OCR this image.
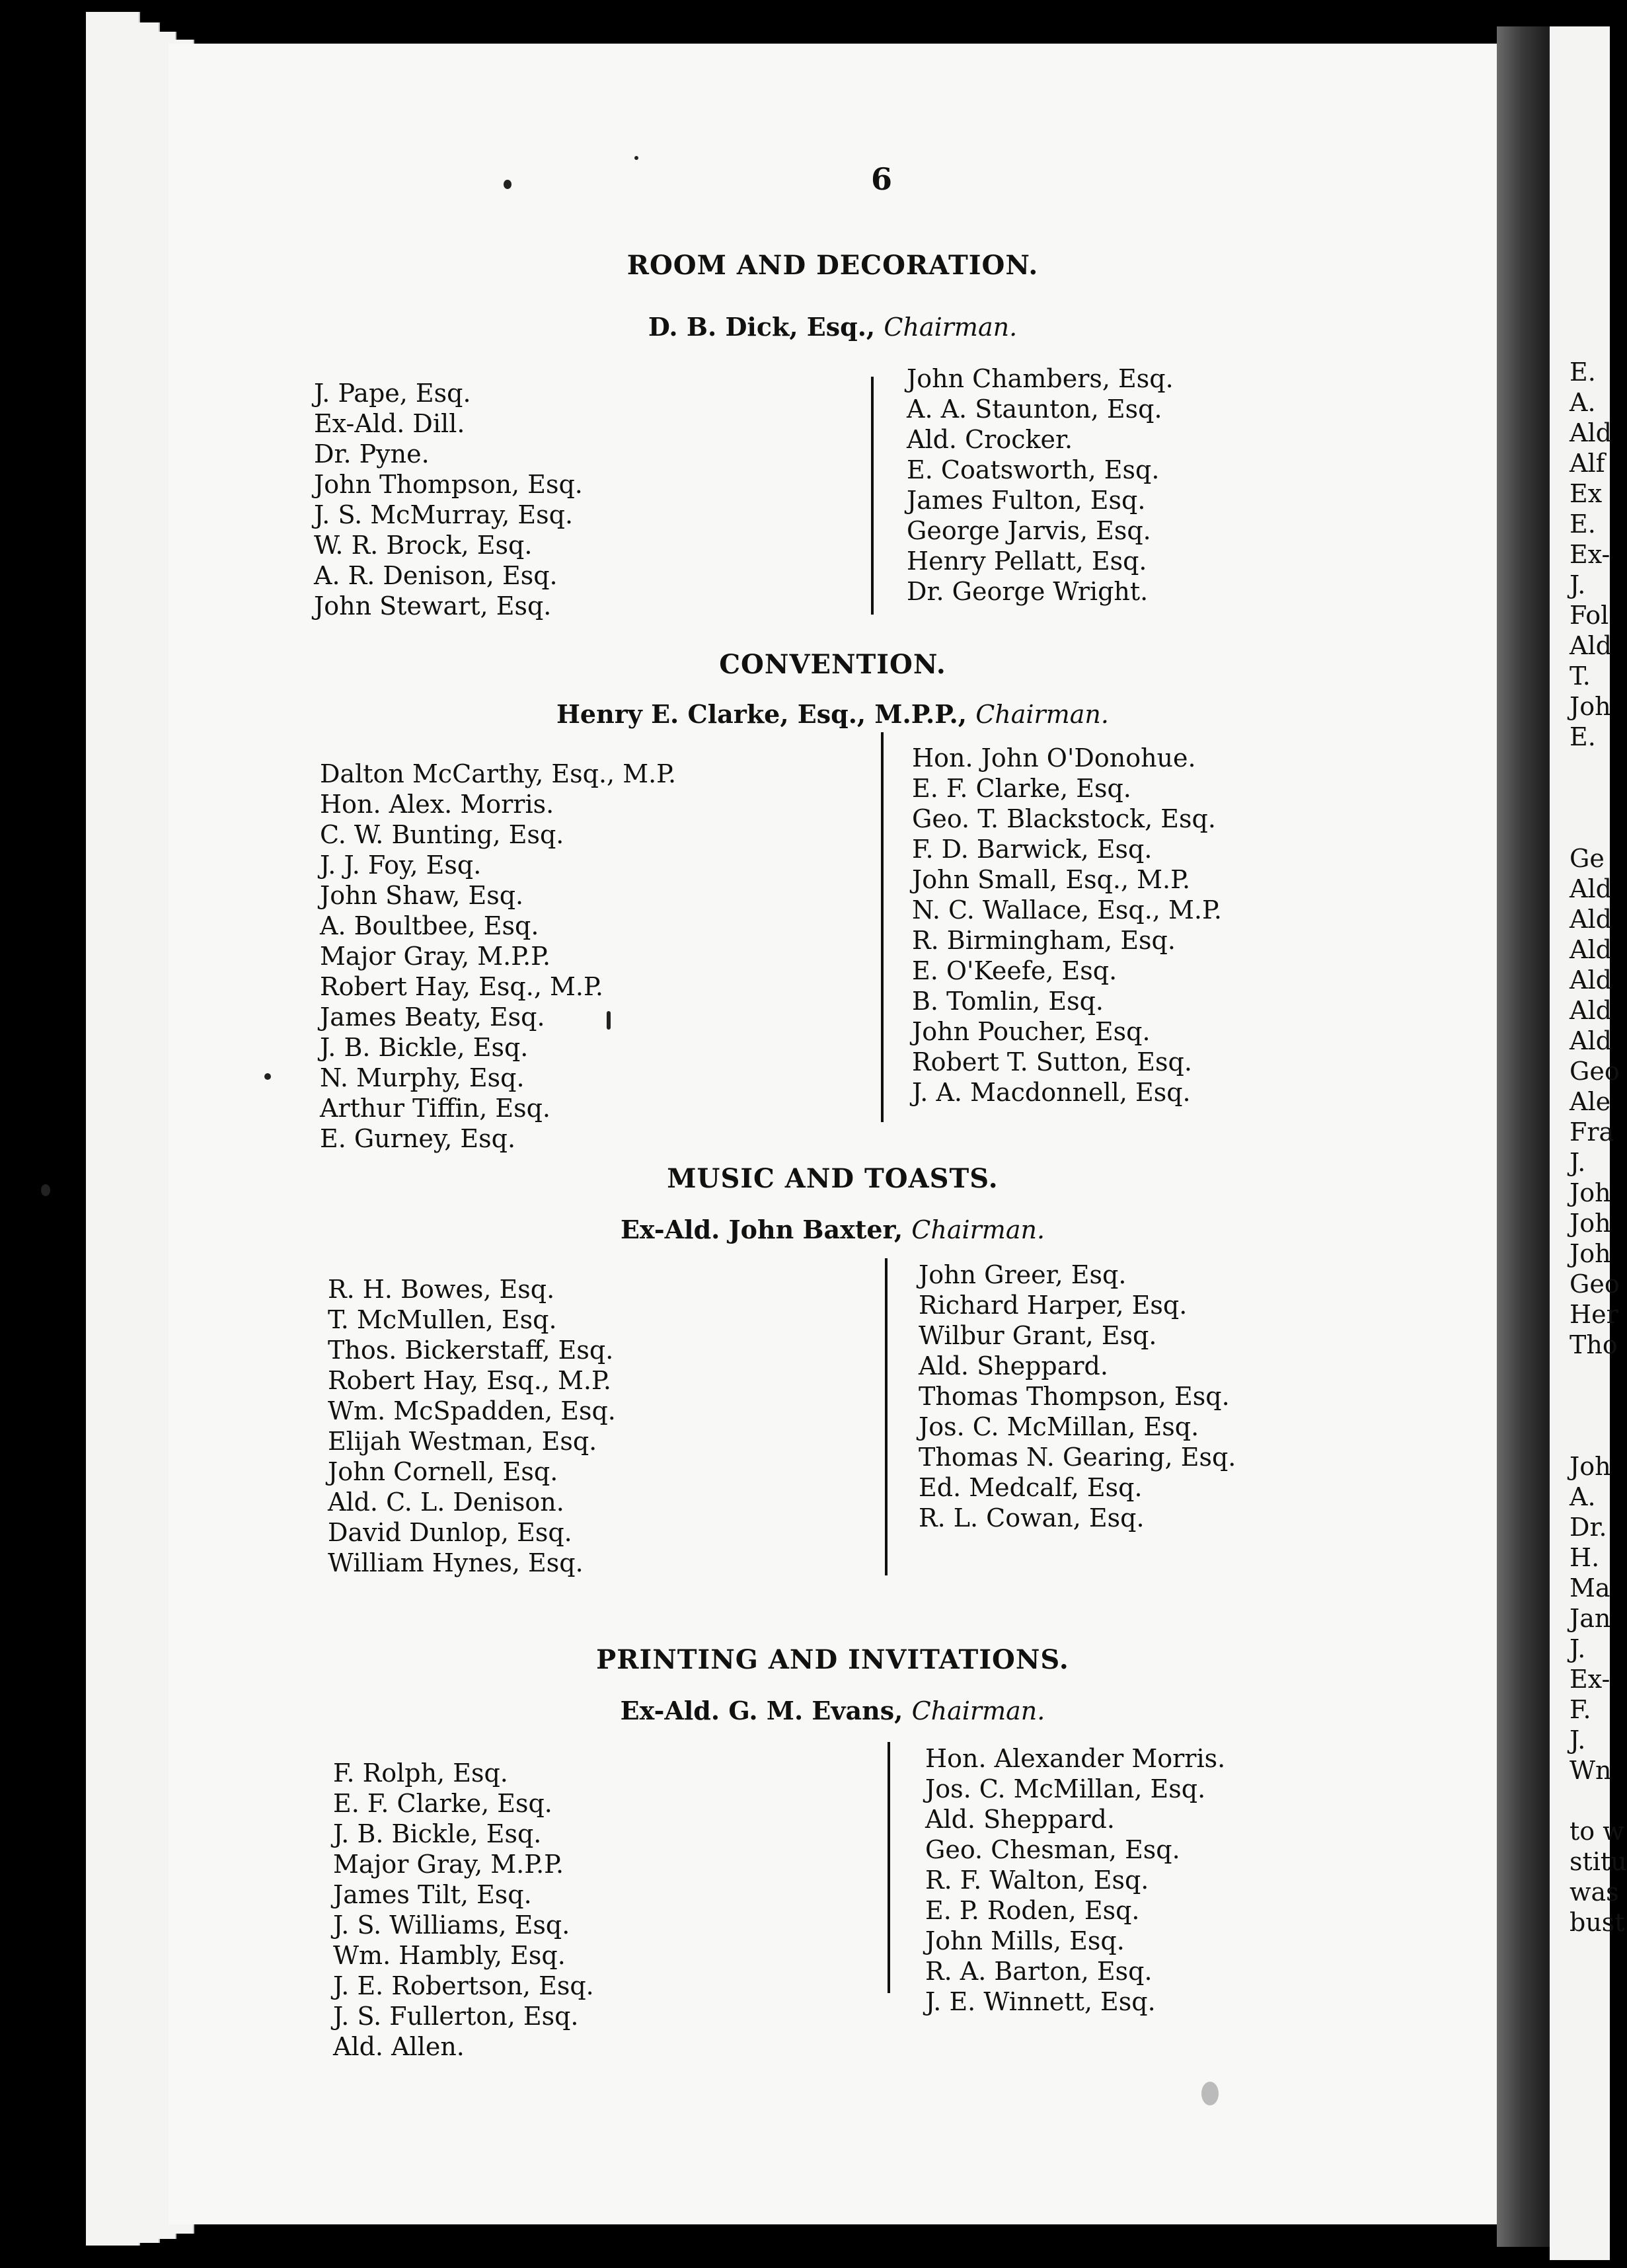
E.
A.
Ald
Alf
Ex
E.
Ex-
J.
Fol
Ald
T.
Joh
E.
Ge
Ald
Ald
Ald
Ald
Ald
Ald
Geo
Ale
Fra
J.
Joh
Joh
Joh
Geo
Her
Tho
Joh
A.
Dr.
H.
Ma
Jan
J.
Ex-
F.
J.
Wn
to w
stitu
was
bust
6
ROOM AND DECORATION.
D. B. Dick, Esq., Chairman.
J. Pape, Esq.
Ex-Ald. Dill.
Dr. Pyne.
John Thompson, Esq.
J. S. McMurray, Esq.
W. R. Brock, Esq.
A. R. Denison, Esq.
John Stewart, Esq.
John Chambers, Esq.
A. A. Staunton, Esq.
Ald. Crocker.
E. Coatsworth, Esq.
James Fulton, Esq.
George Jarvis, Esq.
Henry Pellatt, Esq.
Dr. George Wright.
CONVENTION.
Henry E. Clarke, Esq., M.P.P., Chairman.
Dalton McCarthy, Esq., M.P.
Hon. Alex. Morris.
C. W. Bunting, Esq.
J. J. Foy, Esq.
John Shaw, Esq.
A. Boultbee, Esq.
Major Gray, M.P.P.
Robert Hay, Esq., M.P.
James Beaty, Esq.
J. B. Bickle, Esq.
N. Murphy, Esq.
Arthur Tiffin, Esq.
E. Gurney, Esq.
Hon. John O'Donohue.
E. F. Clarke, Esq.
Geo. T. Blackstock, Esq.
F. D. Barwick, Esq.
John Small, Esq., M.P.
N. C. Wallace, Esq., M.P.
R. Birmingham, Esq.
E. O'Keefe, Esq.
B. Tomlin, Esq.
John Poucher, Esq.
Robert T. Sutton, Esq.
J. A. Macdonnell, Esq.
MUSIC AND TOASTS.
Ex-Ald. John Baxter, Chairman.
R. H. Bowes, Esq.
T. McMullen, Esq.
Thos. Bickerstaff, Esq.
Robert Hay, Esq., M.P.
Wm. McSpadden, Esq.
Elijah Westman, Esq.
John Cornell, Esq.
Ald. C. L. Denison.
David Dunlop, Esq.
William Hynes, Esq.
John Greer, Esq.
Richard Harper, Esq.
Wilbur Grant, Esq.
Ald. Sheppard.
Thomas Thompson, Esq.
Jos. C. McMillan, Esq.
Thomas N. Gearing, Esq.
Ed. Medcalf, Esq.
R. L. Cowan, Esq.
PRINTING AND INVITATIONS.
Ex-Ald. G. M. Evans, Chairman.
F. Rolph, Esq.
E. F. Clarke, Esq.
J. B. Bickle, Esq.
Major Gray, M.P.P.
James Tilt, Esq.
J. S. Williams, Esq.
Wm. Hambly, Esq.
J. E. Robertson, Esq.
J. S. Fullerton, Esq.
Ald. Allen.
Hon. Alexander Morris.
Jos. C. McMillan, Esq.
Ald. Sheppard.
Geo. Chesman, Esq.
R. F. Walton, Esq.
E. P. Roden, Esq.
John Mills, Esq.
R. A. Barton, Esq.
J. E. Winnett, Esq.
